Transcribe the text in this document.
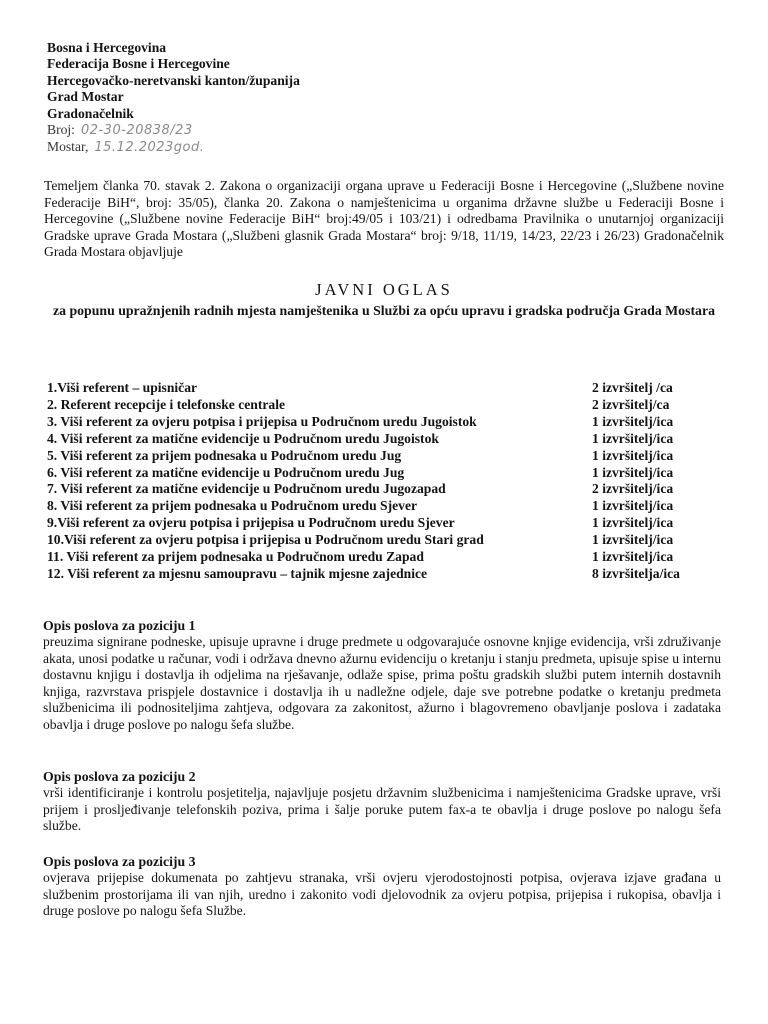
Bosna i Hercegovina
Federacija Bosne i Hercegovine
Hercegovačko-neretvanski kanton/županija
Grad Mostar
Gradonačelnik
Broj: 02-30-20838/23
Mostar, 15.12.2023god.

Temeljem članka 70. stavak 2. Zakona o organizaciji organa uprave u Federaciji Bosne i Hercegovine („Službene novine Federacije BiH“, broj: 35/05), članka 20. Zakona o namještenicima u organima državne službe u Federaciji Bosne i Hercegovine („Službene novine Federacije BiH“ broj:49/05 i 103/21) i odredbama Pravilnika o unutarnjoj organizaciji Gradske uprave Grada Mostara („Službeni glasnik Grada Mostara“ broj: 9/18, 11/19, 14/23, 22/23 i 26/23) Gradonačelnik Grada Mostara objavljuje

JAVNI OGLAS
za popunu upražnjenih radnih mjesta namještenika u Službi za opću upravu i gradska područja Grada Mostara
1.Viši referent – upisničar	2 izvršitelj /ca
2. Referent recepcije i telefonske centrale	2 izvršitelj/ca
3. Viši referent za ovjeru potpisa i prijepisa u Područnom uredu Jugoistok	1 izvršitelj/ica
4. Viši referent za matične evidencije u Područnom uredu Jugoistok	1 izvršitelj/ica
5. Viši referent za prijem podnesaka u Područnom uredu Jug	1 izvršitelj/ica
6. Viši referent za matične evidencije u Područnom uredu Jug	1 izvršitelj/ica
7. Viši referent za matične evidencije u Područnom uredu Jugozapad	2 izvršitelj/ica
8. Viši referent za prijem podnesaka u Područnom uredu Sjever	1 izvršitelj/ica
9.Viši referent za ovjeru potpisa i prijepisa u Područnom uredu Sjever	1 izvršitelj/ica
10.Viši referent za ovjeru potpisa i prijepisa u Područnom uredu Stari grad	1 izvršitelj/ica
11. Viši referent za prijem podnesaka u Područnom uredu Zapad	1 izvršitelj/ica
12. Viši referent za mjesnu samoupravu – tajnik mjesne zajednice	8 izvršitelja/ica
Opis poslova za poziciju 1

preuzima signirane podneske, upisuje upravne i druge predmete u odgovarajuće osnovne knjige evidencija, vrši združivanje akata, unosi podatke u računar, vodi i održava dnevno ažurnu evidenciju o kretanju i stanju predmeta, upisuje spise u internu dostavnu knjigu i dostavlja ih odjelima na rješavanje, odlaže spise, prima poštu gradskih službi putem internih dostavnih knjiga, razvrstava prispjele dostavnice i dostavlja ih u nadležne odjele, daje sve potrebne podatke o kretanju predmeta službenicima ili podnositeljima zahtjeva, odgovara za zakonitost, ažurno i blagovremeno obavljanje poslova i zadataka obavlja i druge poslove po nalogu šefa službe.

Opis poslova za poziciju 2

vrši identificiranje i kontrolu posjetitelja, najavljuje posjetu državnim službenicima i namještenicima Gradske uprave, vrši prijem i prosljeđivanje telefonskih poziva, prima i šalje poruke putem fax-a te obavlja i druge poslove po nalogu šefa službe.

Opis poslova za poziciju 3

ovjerava prijepise dokumenata po zahtjevu stranaka, vrši ovjeru vjerodostojnosti potpisa, ovjerava izjave građana u službenim prostorijama ili van njih, uredno i zakonito vodi djelovodnik za ovjeru potpisa, prijepisa i rukopisa, obavlja i druge poslove po nalogu šefa Službe.
